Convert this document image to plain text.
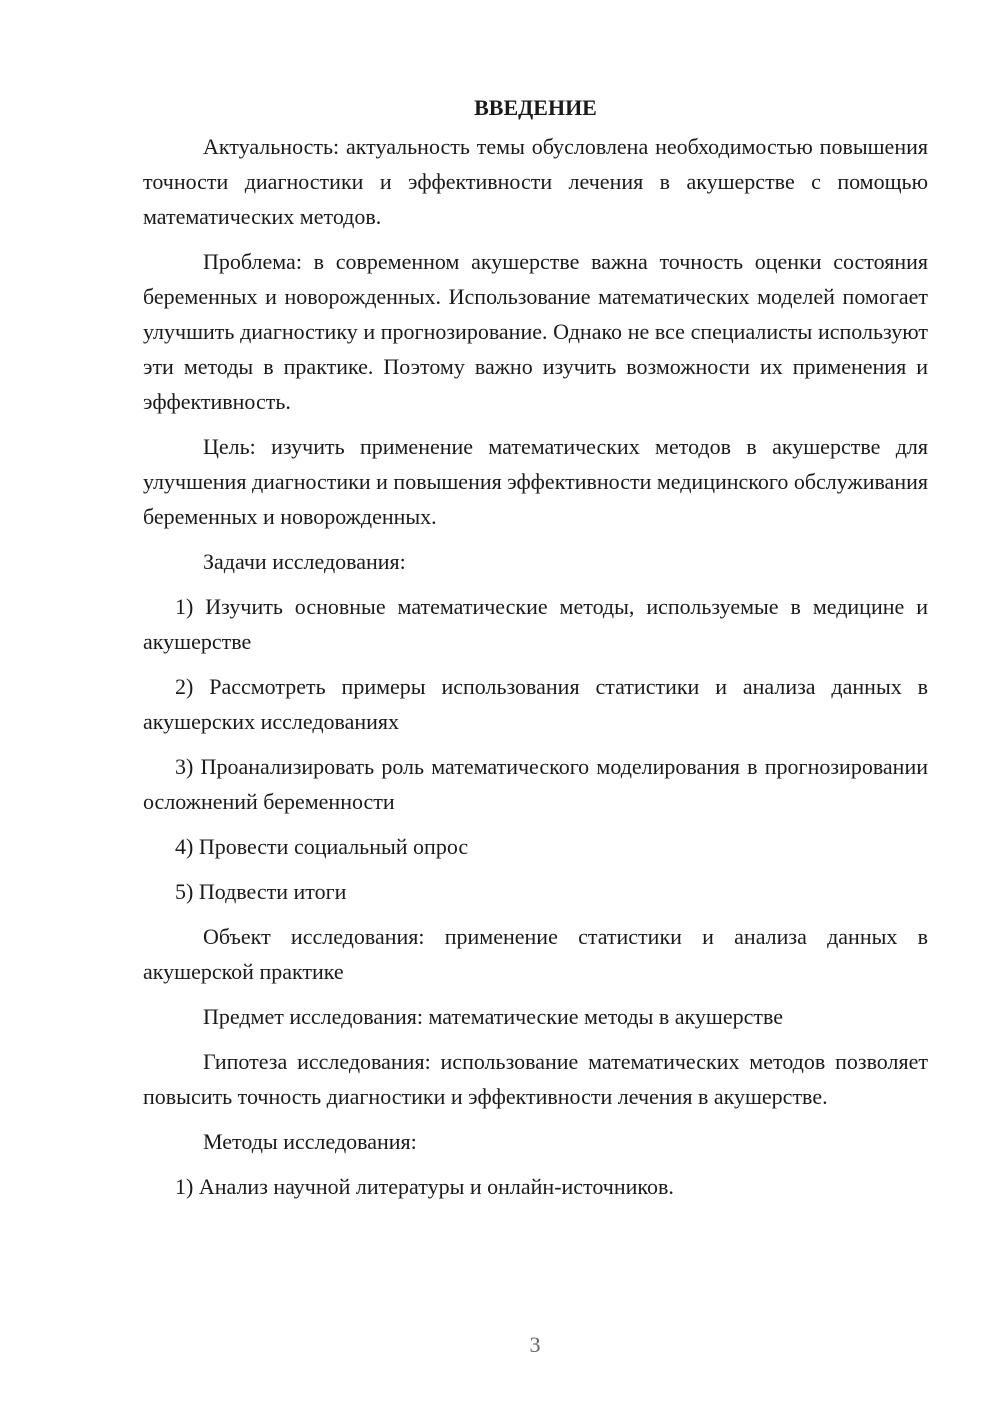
ВВЕДЕНИЕ

Актуальность: актуальность темы обусловлена необходимостью повышения точности диагностики и эффективности лечения в акушерстве с помощью математических методов.

Проблема: в современном акушерстве важна точность оценки состояния беременных и новорожденных. Использование математических моделей помогает улучшить диагностику и прогнозирование. Однако не все специалисты используют эти методы в практике. Поэтому важно изучить возможности их применения и эффективность.

Цель: изучить применение математических методов в акушерстве для улучшения диагностики и повышения эффективности медицинского обслуживания беременных и новорожденных.

Задачи исследования:

1) Изучить основные математические методы, используемые в медицине и акушерстве

2) Рассмотреть примеры использования статистики и анализа данных в акушерских исследованиях

3) Проанализировать роль математического моделирования в прогнозировании осложнений беременности

4) Провести социальный опрос

5) Подвести итоги

Объект исследования: применение статистики и анализа данных в акушерской практике

Предмет исследования: математические методы в акушерстве

Гипотеза исследования: использование математических методов позволяет повысить точность диагностики и эффективности лечения в акушерстве.

Методы исследования:

1) Анализ научной литературы и онлайн-источников.

3
